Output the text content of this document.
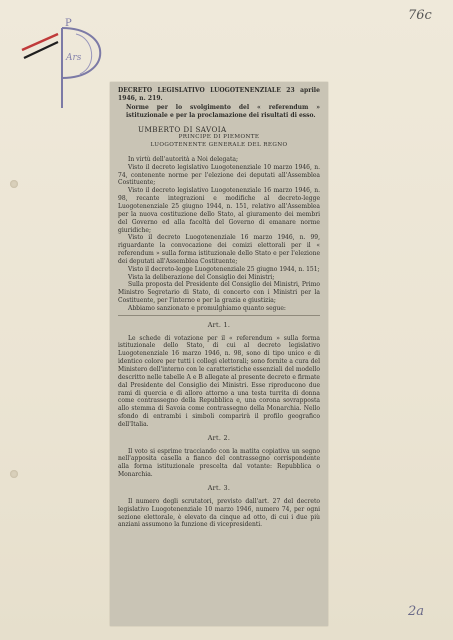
P
Ars
76c
DECRETO LEGISLATIVO LUOGOTENENZIALE 23 aprile 1946, n. 219.
Norme per lo svolgimento del « referendum » istituzionale e per la proclamazione dei risultati di esso.
UMBERTO DI SAVOIA
PRINCIPE DI PIEMONTE
LUOGOTENENTE GENERALE DEL REGNO

In virtù dell'autorità a Noi delegata;

Visto il decreto legislativo Luogotenenziale 10 marzo 1946, n. 74, contenente norme per l'elezione dei deputati all'Assemblea Costituente;

Visto il decreto legislativo Luogotenenziale 16 marzo 1946, n. 98, recante integrazioni e modifiche al decreto-legge Luogotenenziale 25 giugno 1944, n. 151, relativo all'Assemblea per la nuova costituzione dello Stato, al giuramento dei membri del Governo ed alla facoltà del Governo di emanare norme giuridiche;

Visto il decreto Luogotenenziale 16 marzo 1946, n. 99, riguardante la convocazione dei comizi elettorali per il « referendum » sulla forma istituzionale dello Stato e per l'elezione dei deputati all'Assemblea Costituente;

Visto il decreto-legge Luogotenenziale 25 giugno 1944, n. 151;

Vista la deliberazione del Consiglio dei Ministri;

Sulla proposta del Presidente del Consiglio dei Ministri, Primo Ministro Segretario di Stato, di concerto con i Ministri per la Costituente, per l'interno e per la grazia e giustizia;

Abbiamo sanzionato e promulghiamo quanto segue:

Art. 1.

Le schede di votazione per il « referendum » sulla forma istituzionale dello Stato, di cui al decreto legislativo Luogotenenziale 16 marzo 1946, n. 98, sono di tipo unico e di identico colore per tutti i collegi elettorali; sono fornite a cura del Ministero dell'interno con le caratteristiche essenziali del modello descritto nelle tabelle A e B allegate al presente decreto e firmate dal Presidente del Consiglio dei Ministri. Esse riproducono due rami di quercia e di alloro attorno a una testa turrita di donna come contrassegno della Repubblica e, una corona sovrapposta allo stemma di Savoia come contrassegno della Monarchia. Nello sfondo di entrambi i simboli comparirà il profilo geografico dell'Italia.

Art. 2.

Il voto si esprime tracciando con la matita copiativa un segno nell'apposita casella a fianco del contrassegno corrispondente alla forma istituzionale prescelta dal votante: Repubblica o Monarchia.

Art. 3.

Il numero degli scrutatori, previsto dall'art. 27 del decreto legislativo Luogotenenziale 10 marzo 1946, numero 74, per ogni sezione elettorale, è elevato da cinque ad otto, di cui i due più anziani assumono la funzione di vicepresidenti.

2a
